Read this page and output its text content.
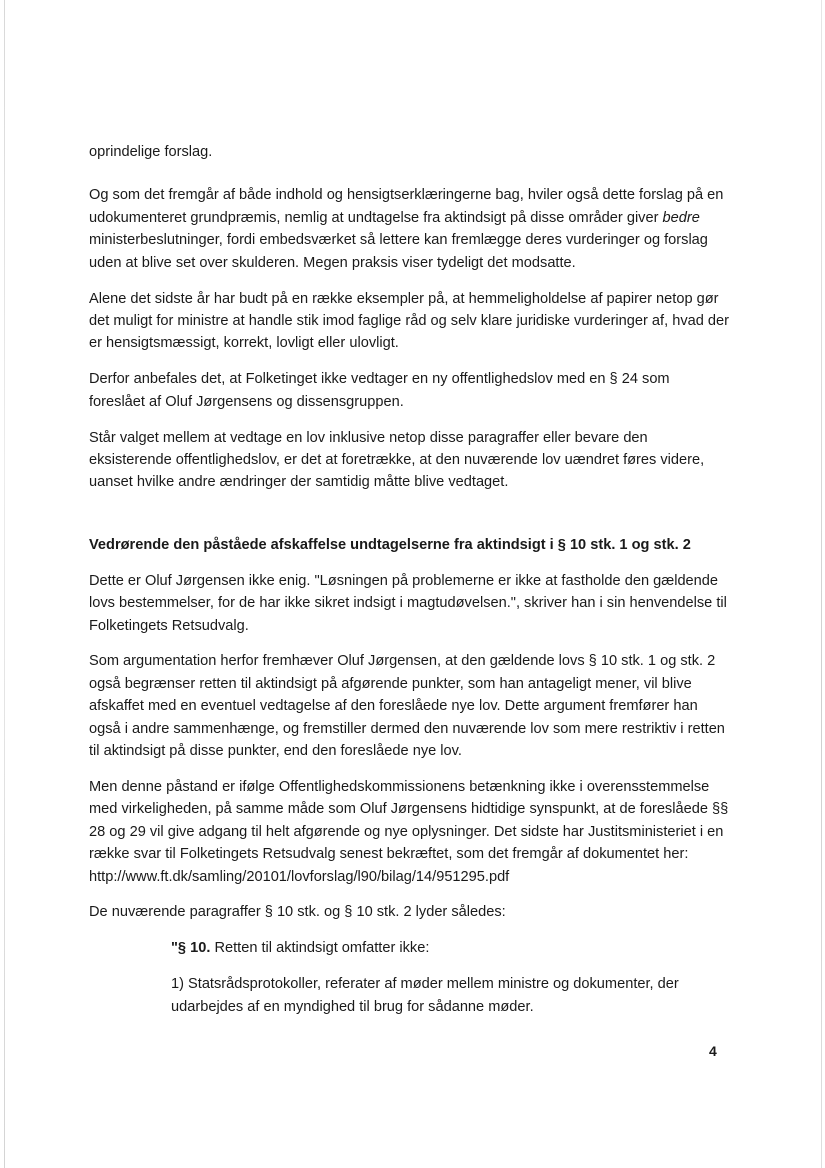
oprindelige forslag.

Og som det fremgår af både indhold og hensigtserklæringerne bag, hviler også dette forslag på en udokumenteret grundpræmis, nemlig at undtagelse fra aktindsigt på disse områder giver bedre ministerbeslutninger, fordi embedsværket så lettere kan fremlægge deres vurderinger og forslag uden at blive set over skulderen. Megen praksis viser tydeligt det modsatte.

Alene det sidste år har budt på en række eksempler på, at hemmeligholdelse af papirer netop gør det muligt for ministre at handle stik imod faglige råd og selv klare juridiske vurderinger af, hvad der er hensigtsmæssigt, korrekt, lovligt eller ulovligt.

Derfor anbefales det, at Folketinget ikke vedtager en ny offentlighedslov med en § 24 som foreslået af Oluf Jørgensens og dissensgruppen.

Står valget mellem at vedtage en lov inklusive netop disse paragraffer eller bevare den eksisterende offentlighedslov, er det at foretrække, at den nuværende lov uændret føres videre, uanset hvilke andre ændringer der samtidig måtte blive vedtaget.

Vedrørende den påståede afskaffelse undtagelserne fra aktindsigt i § 10 stk. 1 og stk. 2

Dette er Oluf Jørgensen ikke enig. "Løsningen på problemerne er ikke at fastholde den gældende lovs bestemmelser, for de har ikke sikret indsigt i magtudøvelsen.", skriver han i sin henvendelse til Folketingets Retsudvalg.

Som argumentation herfor fremhæver Oluf Jørgensen, at den gældende lovs § 10 stk. 1 og stk. 2 også begrænser retten til aktindsigt på afgørende punkter, som han antageligt mener, vil blive afskaffet med en eventuel vedtagelse af den foreslåede nye lov. Dette argument fremfører han også i andre sammenhænge, og fremstiller dermed den nuværende lov som mere restriktiv i retten til aktindsigt på disse punkter, end den foreslåede nye lov.

Men denne påstand er ifølge Offentlighedskommissionens betænkning ikke i overensstemmelse med virkeligheden, på samme måde som Oluf Jørgensens hidtidige synspunkt, at de foreslåede §§ 28 og 29 vil give adgang til helt afgørende og nye oplysninger. Det sidste har Justitsministeriet i en række svar til Folketingets Retsudvalg senest bekræftet, som det fremgår af dokumentet her:
http://www.ft.dk/samling/20101/lovforslag/l90/bilag/14/951295.pdf

De nuværende paragraffer § 10 stk. og § 10 stk. 2 lyder således:

"§ 10. Retten til aktindsigt omfatter ikke:

1) Statsrådsprotokoller, referater af møder mellem ministre og dokumenter, der udarbejdes af en myndighed til brug for sådanne møder.

4
